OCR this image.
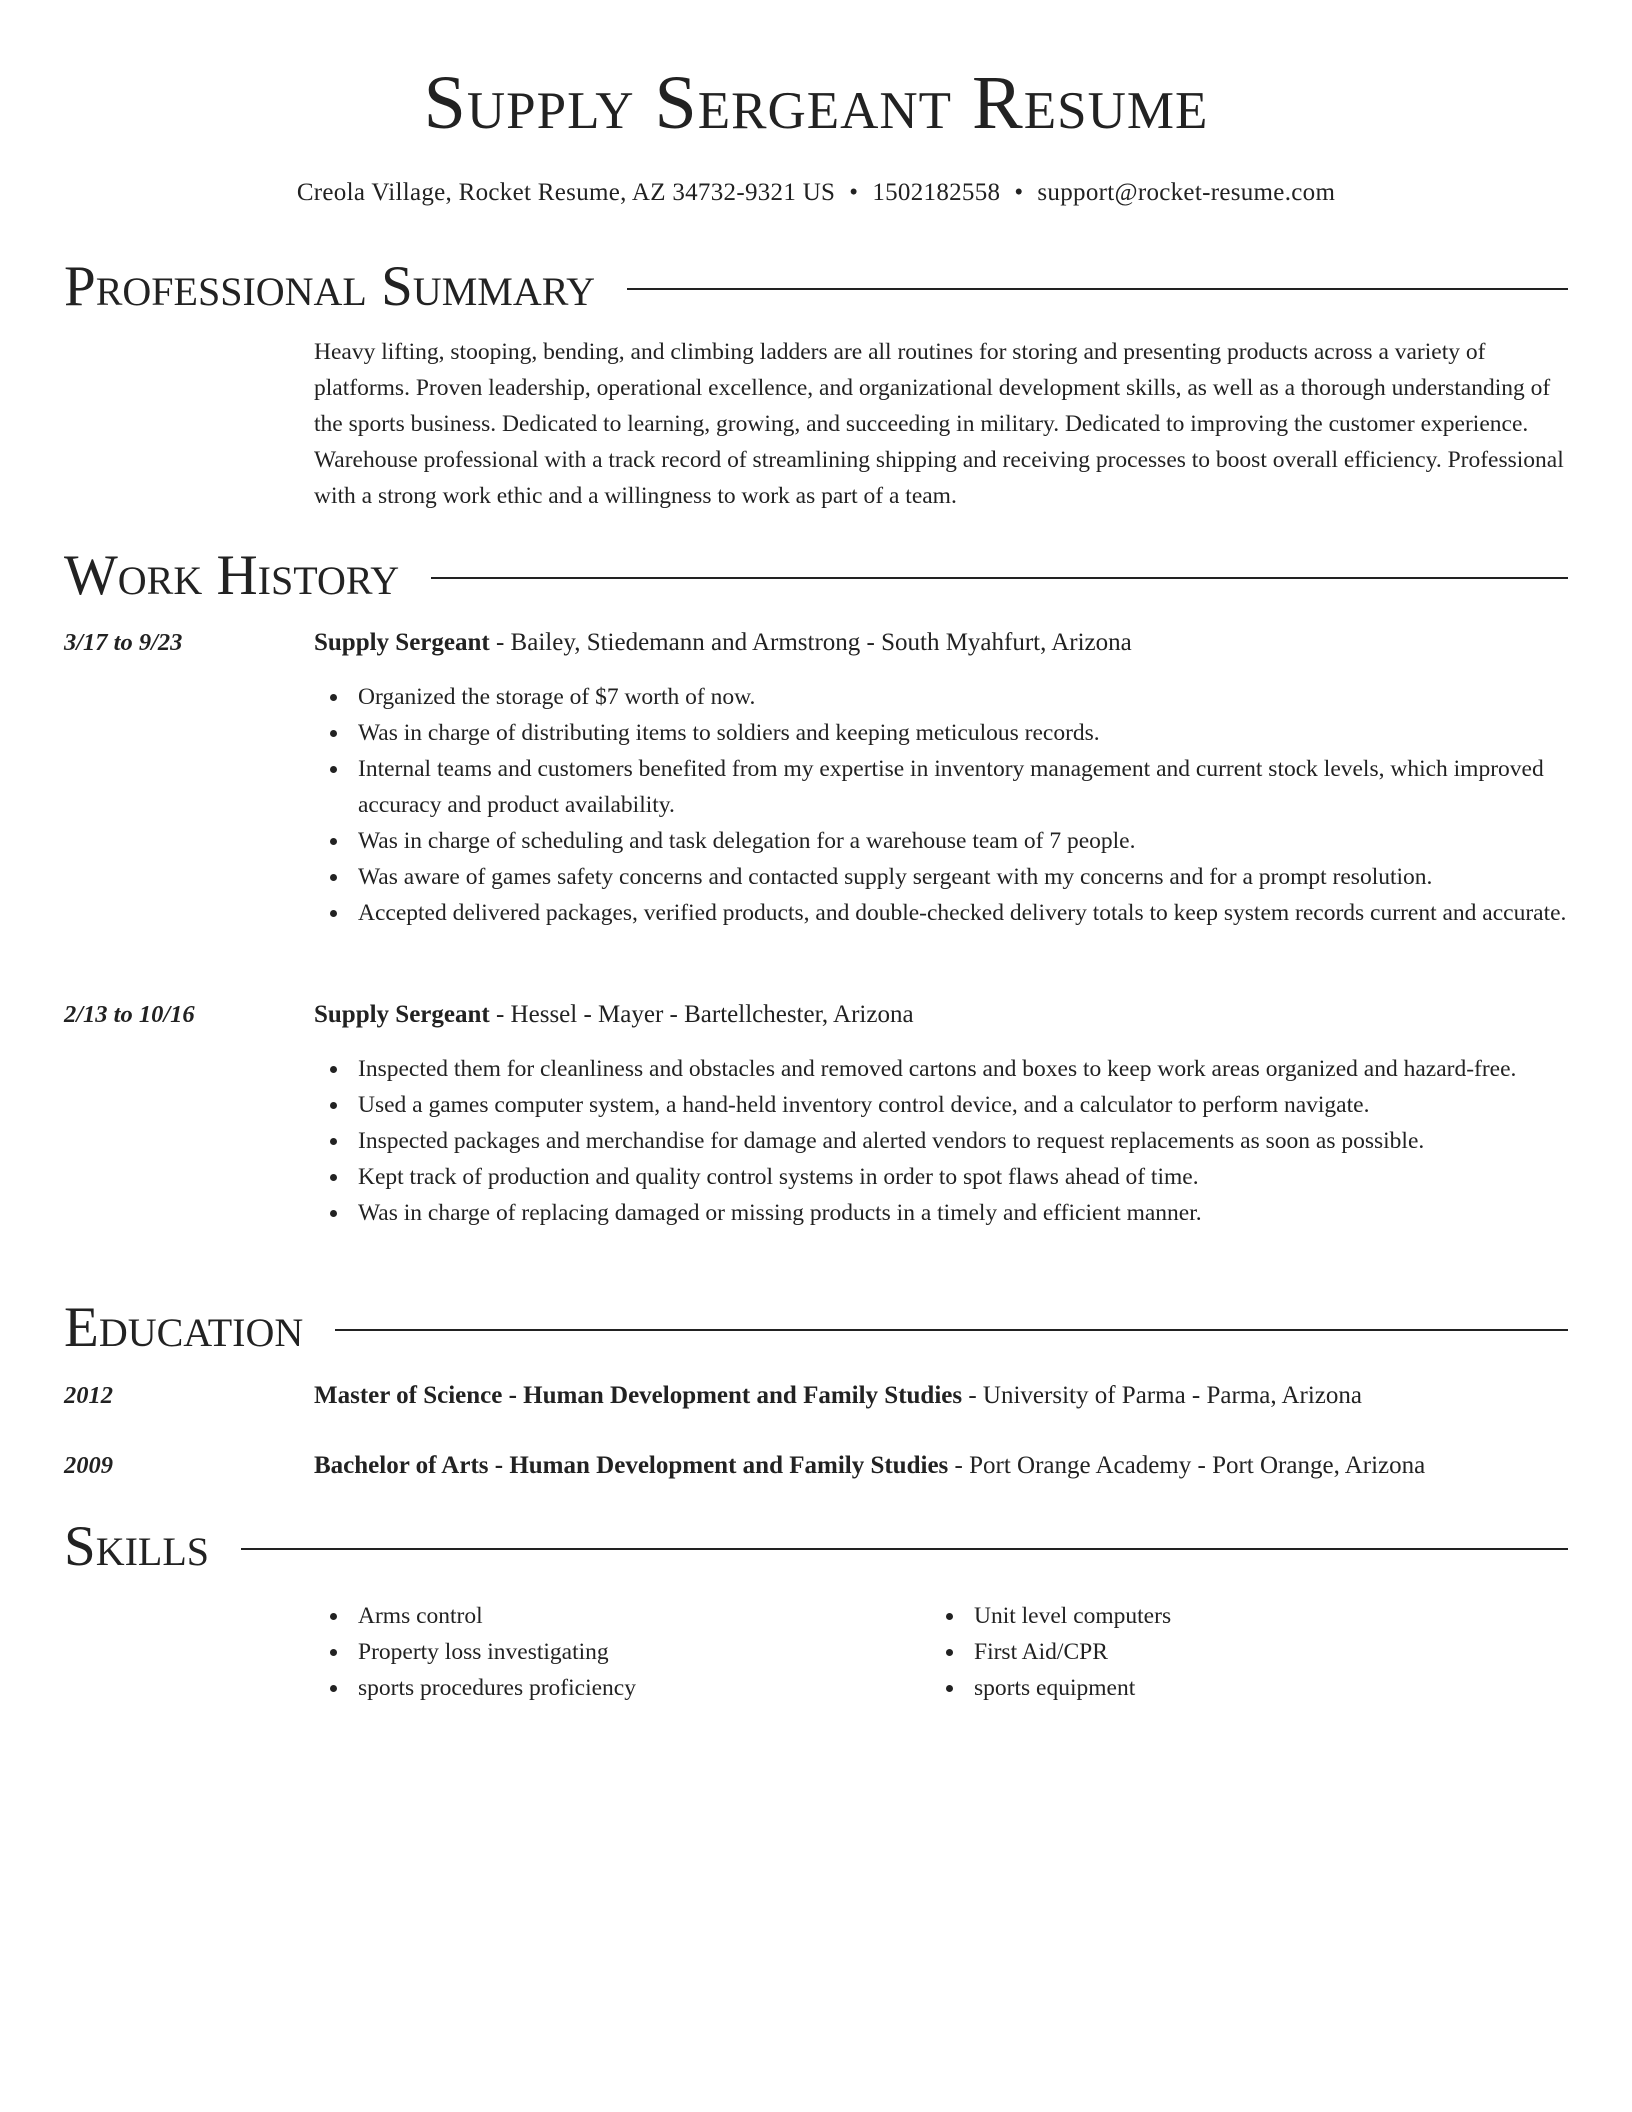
Supply Sergeant Resume
Creola Village, Rocket Resume, AZ 34732-9321 US • 1502182558 • support@rocket-resume.com
Professional Summary

Heavy lifting, stooping, bending, and climbing ladders are all routines for storing and presenting products across a variety of platforms. Proven leadership, operational excellence, and organizational development skills, as well as a thorough understanding of the sports business. Dedicated to learning, growing, and succeeding in military. Dedicated to improving the customer experience. Warehouse professional with a track record of streamlining shipping and receiving processes to boost overall efficiency. Professional with a strong work ethic and a willingness to work as part of a team.

Work History
3/17 to 9/23	Supply Sergeant - Bailey, Stiedemann and Armstrong - South Myahfurt, Arizona

Organized the storage of $7 worth of now.
Was in charge of distributing items to soldiers and keeping meticulous records.
Internal teams and customers benefited from my expertise in inventory management and current stock levels, which improved accuracy and product availability.
Was in charge of scheduling and task delegation for a warehouse team of 7 people.
Was aware of games safety concerns and contacted supply sergeant with my concerns and for a prompt resolution.
Accepted delivered packages, verified products, and double-checked delivery totals to keep system records current and accurate.
2/13 to 10/16	Supply Sergeant - Hessel - Mayer - Bartellchester, Arizona

Inspected them for cleanliness and obstacles and removed cartons and boxes to keep work areas organized and hazard-free.
Used a games computer system, a hand-held inventory control device, and a calculator to perform navigate.
Inspected packages and merchandise for damage and alerted vendors to request replacements as soon as possible.
Kept track of production and quality control systems in order to spot flaws ahead of time.
Was in charge of replacing damaged or missing products in a timely and efficient manner.
Education
2012	Master of Science - Human Development and Family Studies - University of Parma - Parma, Arizona

2009	Bachelor of Arts - Human Development and Family Studies - Port Orange Academy - Port Orange, Arizona

Skills
Arms control
Property loss investigating
sports procedures proficiency
Unit level computers
First Aid/CPR
sports equipment
